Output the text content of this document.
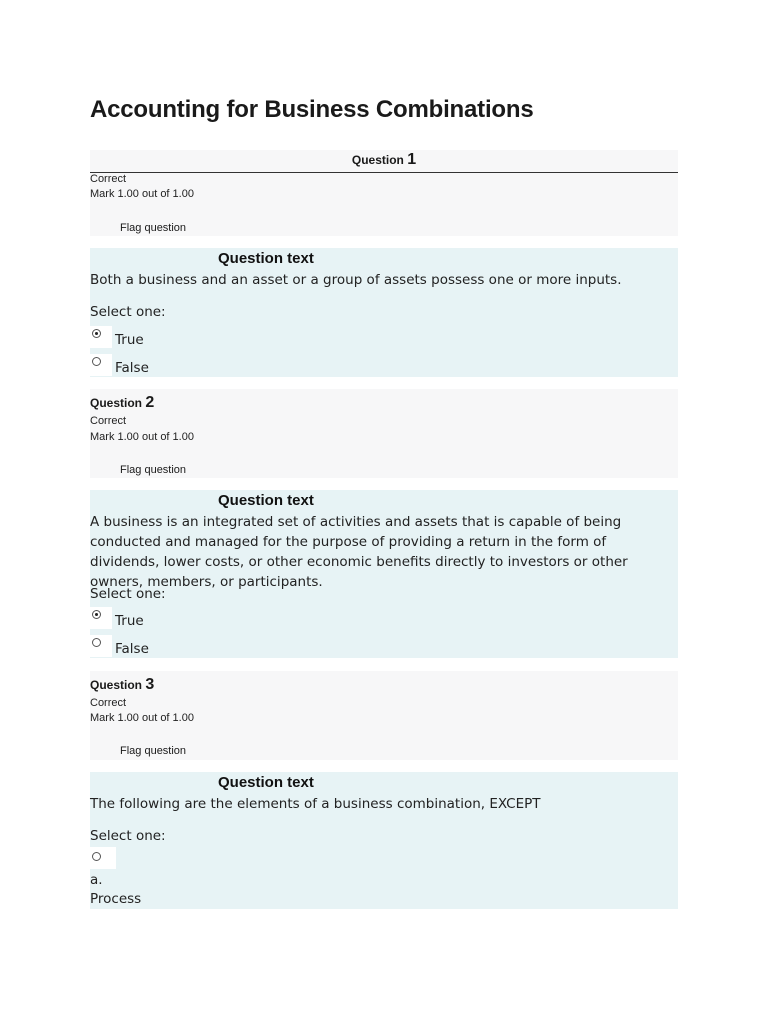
Accounting for Business Combinations
Question 1
Correct
Mark 1.00 out of 1.00
Flag question
Question text
Both a business and an asset or a group of assets possess one or more inputs.
Select one:
True
False
Question 2
Correct
Mark 1.00 out of 1.00
Flag question
Question text
A business is an integrated set of activities and assets that is capable of being conducted and managed for the purpose of providing a return in the form of dividends, lower costs, or other economic benefits directly to investors or other owners, members, or participants.
Select one:
True
False
Question 3
Correct
Mark 1.00 out of 1.00
Flag question
Question text
The following are the elements of a business combination, EXCEPT
Select one:
a.
Process
